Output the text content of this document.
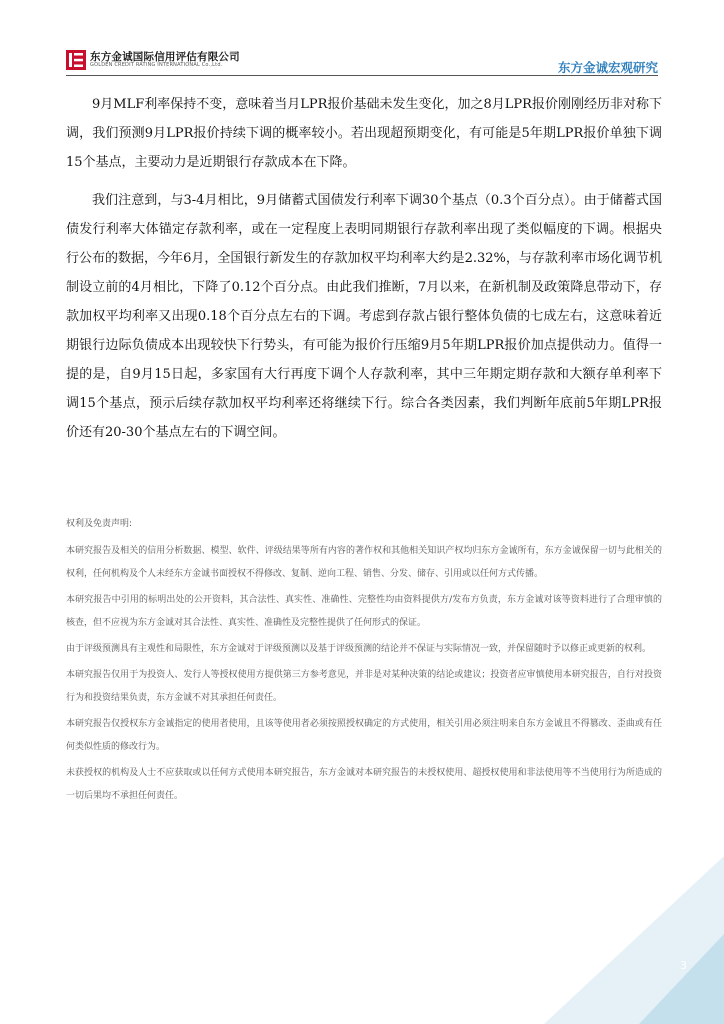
东方金诚国际信用评估有限公司
GOLDEN CREDIT RATING INTERNATIONAL Co.,Ltd.	东方金诚宏观研究

9月MLF利率保持不变，意味着当月LPR报价基础未发生变化，加之8月LPR报价刚刚经历非对称下调，我们预测9月LPR报价持续下调的概率较小。若出现超预期变化，有可能是5年期LPR报价单独下调15个基点，主要动力是近期银行存款成本在下降。

我们注意到，与3-4月相比，9月储蓄式国债发行利率下调30个基点（0.3个百分点）。由于储蓄式国债发行利率大体锚定存款利率，或在一定程度上表明同期银行存款利率出现了类似幅度的下调。根据央行公布的数据，今年6月，全国银行新发生的存款加权平均利率大约是2.32%，与存款利率市场化调节机制设立前的4月相比，下降了0.12个百分点。由此我们推断，7月以来，在新机制及政策降息带动下，存款加权平均利率又出现0.18个百分点左右的下调。考虑到存款占银行整体负债的七成左右，这意味着近期银行边际负债成本出现较快下行势头，有可能为报价行压缩9月5年期LPR报价加点提供动力。值得一提的是，自9月15日起，多家国有大行再度下调个人存款利率，其中三年期定期存款和大额存单利率下调15个基点，预示后续存款加权平均利率还将继续下行。综合各类因素，我们判断年底前5年期LPR报价还有20-30个基点左右的下调空间。

权利及免责声明:

本研究报告及相关的信用分析数据、模型、软件、评级结果等所有内容的著作权和其他相关知识产权均归东方金诚所有，东方金诚保留一切与此相关的权利，任何机构及个人未经东方金诚书面授权不得修改、复制、逆向工程、销售、分发、储存、引用或以任何方式传播。

本研究报告中引用的标明出处的公开资料，其合法性、真实性、准确性、完整性均由资料提供方/发布方负责，东方金诚对该等资料进行了合理审慎的核查，但不应视为东方金诚对其合法性、真实性、准确性及完整性提供了任何形式的保证。

由于评级预测具有主观性和局限性，东方金诚对于评级预测以及基于评级预测的结论并不保证与实际情况一致，并保留随时予以修正或更新的权利。

本研究报告仅用于为投资人、发行人等授权使用方提供第三方参考意见，并非是对某种决策的结论或建议；投资者应审慎使用本研究报告，自行对投资行为和投资结果负责，东方金诚不对其承担任何责任。

本研究报告仅授权东方金诚指定的使用者使用，且该等使用者必须按照授权确定的方式使用，相关引用必须注明来自东方金诚且不得篡改、歪曲或有任何类似性质的修改行为。

未获授权的机构及人士不应获取或以任何方式使用本研究报告，东方金诚对本研究报告的未授权使用、超授权使用和非法使用等不当使用行为所造成的一切后果均不承担任何责任。

3
